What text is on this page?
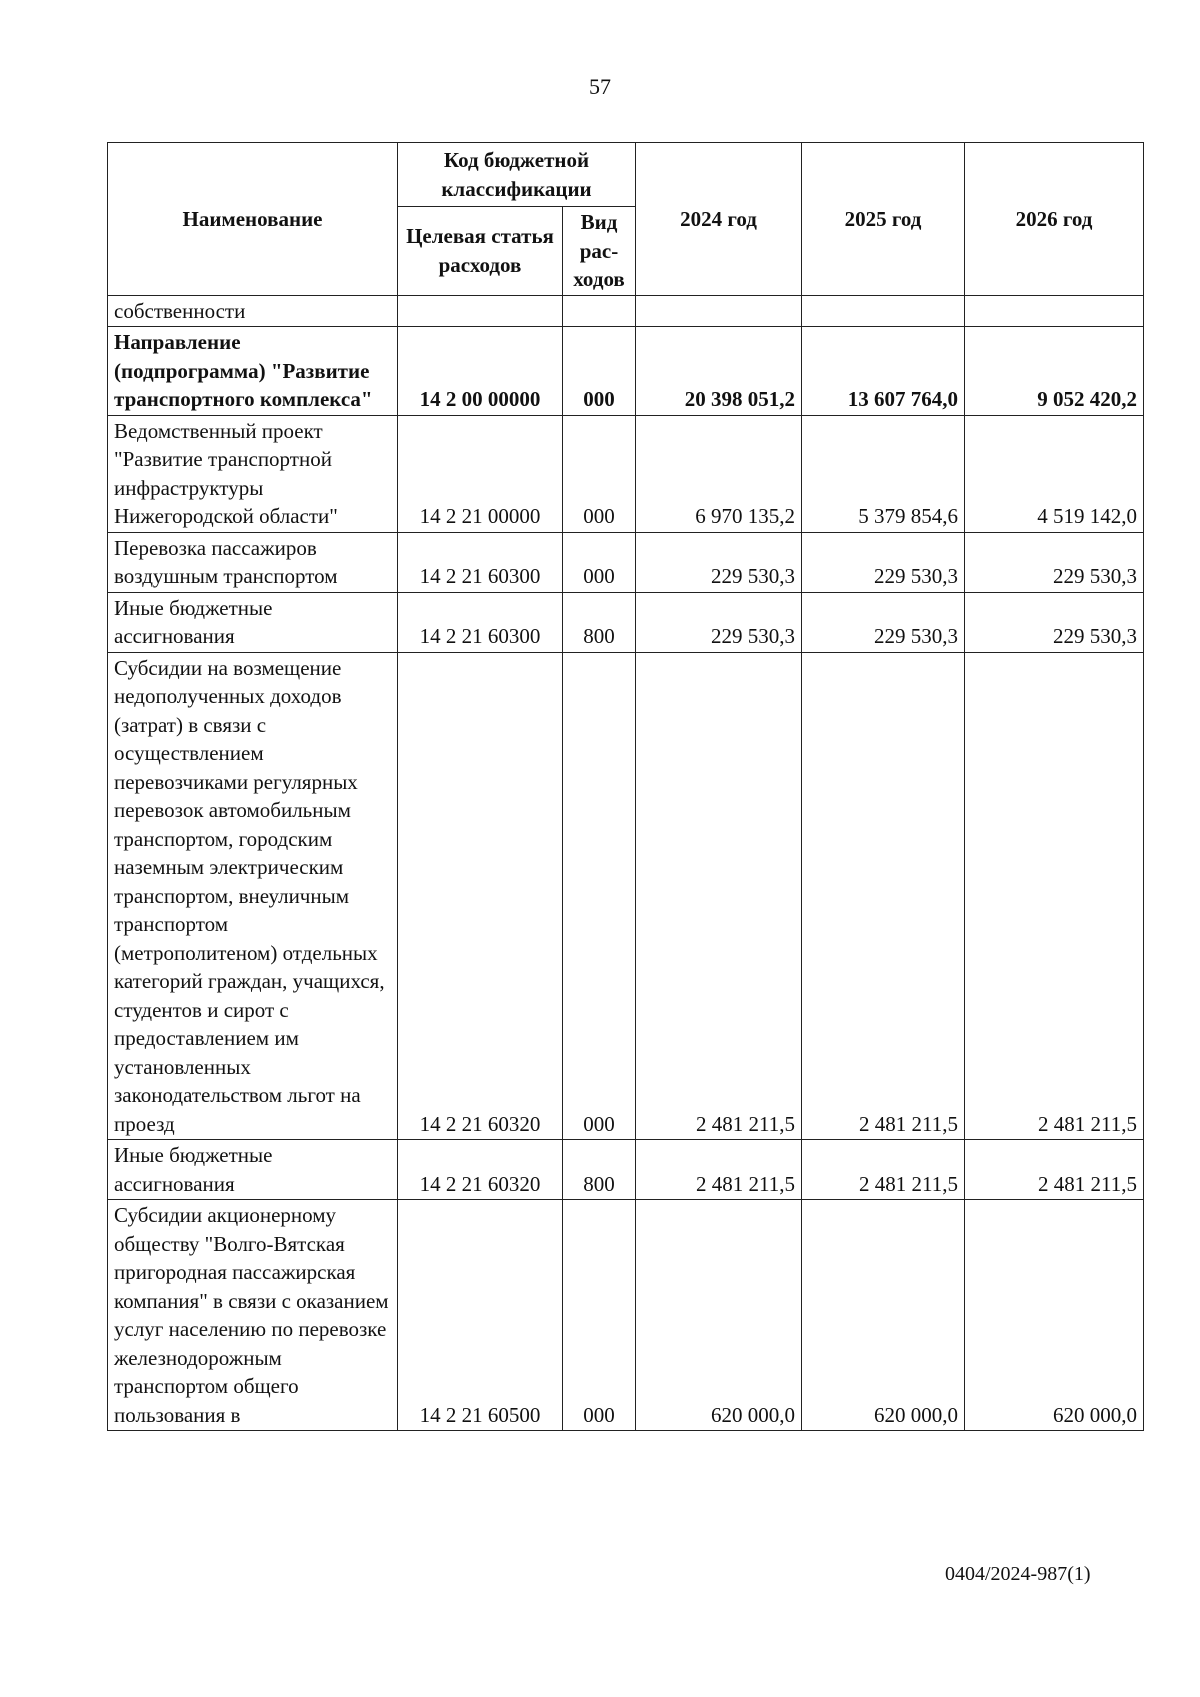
57
Наименование	Код бюджетной классификации		2024 год	2025 год	2026 год
	Целевая статья расходов	Вид рас-ходов			
собственности					
Направление (подпрограмма) "Развитие транспортного комплекса"	14 2 00 00000	000	20 398 051,2	13 607 764,0	9 052 420,2
Ведомственный проект "Развитие транспортной инфраструктуры Нижегородской области"	14 2 21 00000	000	6 970 135,2	5 379 854,6	4 519 142,0
Перевозка пассажиров воздушным транспортом	14 2 21 60300	000	229 530,3	229 530,3	229 530,3
Иные бюджетные ассигнования	14 2 21 60300	800	229 530,3	229 530,3	229 530,3
Субсидии на возмещение недополученных доходов (затрат) в связи с осуществлением перевозчиками регулярных перевозок автомобильным транспортом, городским наземным электрическим транспортом, внеуличным транспортом (метрополитеном) отдельных категорий граждан, учащихся, студентов и сирот с предоставлением им установленных законодательством льгот на проезд	14 2 21 60320	000	2 481 211,5	2 481 211,5	2 481 211,5
Иные бюджетные ассигнования	14 2 21 60320	800	2 481 211,5	2 481 211,5	2 481 211,5
Субсидии акционерному обществу "Волго-Вятская пригородная пассажирская компания" в связи с оказанием услуг населению по перевозке железнодорожным транспортом общего пользования в	14 2 21 60500	000	620 000,0	620 000,0	620 000,0
0404/2024-987(1)
